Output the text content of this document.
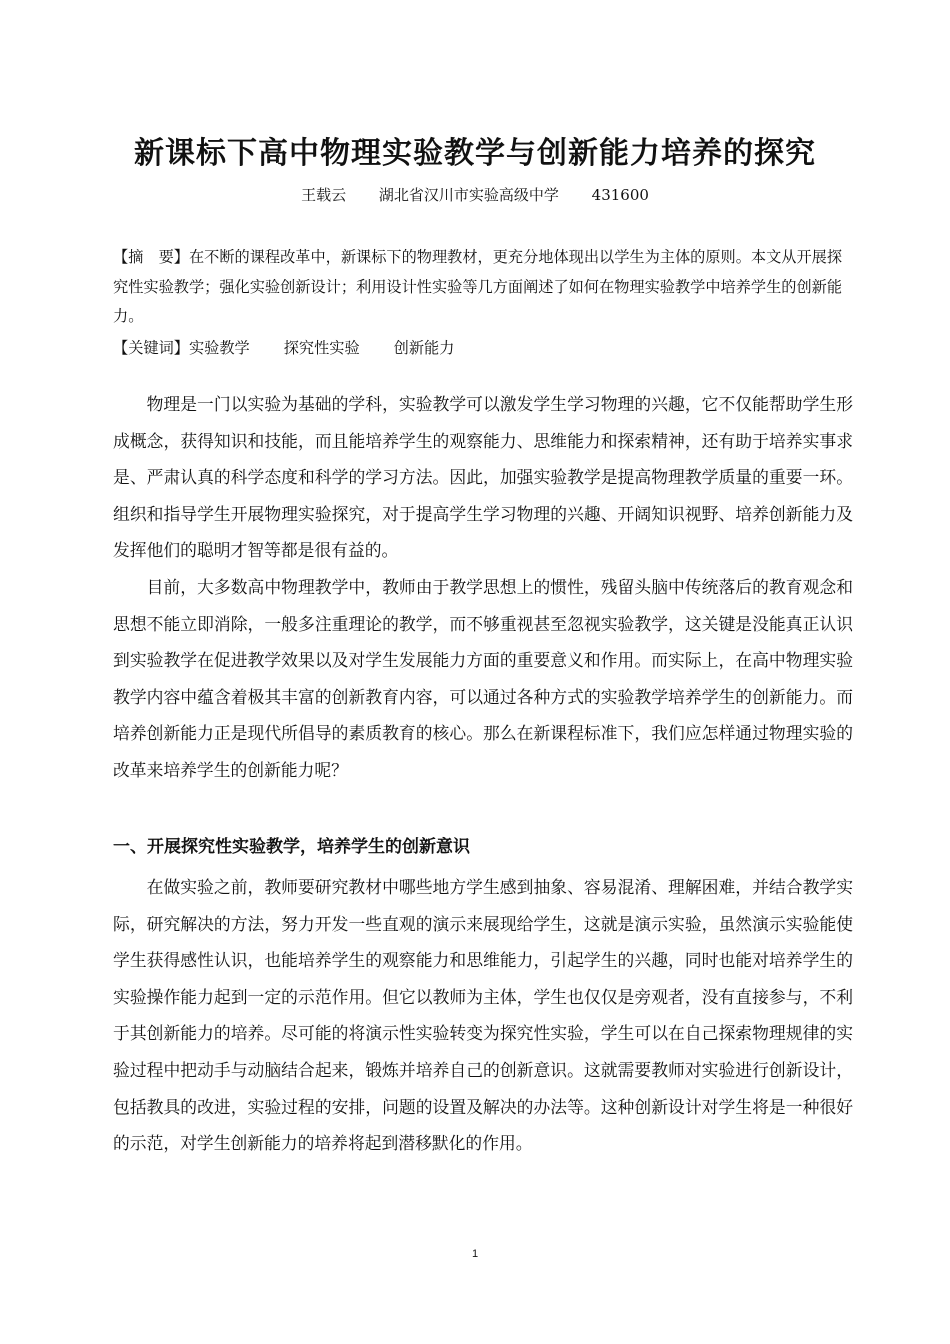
新课标下高中物理实验教学与创新能力培养的探究
王载云 湖北省汉川市实验高级中学 431600
【摘　要】在不断的课程改革中，新课标下的物理教材，更充分地体现出以学生为主体的原则。本文从开展探究性实验教学；强化实验创新设计；利用设计性实验等几方面阐述了如何在物理实验教学中培养学生的创新能力。
【关键词】实验教学 探究性实验 创新能力

物理是一门以实验为基础的学科，实验教学可以激发学生学习物理的兴趣，它不仅能帮助学生形成概念，获得知识和技能，而且能培养学生的观察能力、思维能力和探索精神，还有助于培养实事求是、严肃认真的科学态度和科学的学习方法。因此，加强实验教学是提高物理教学质量的重要一环。组织和指导学生开展物理实验探究，对于提高学生学习物理的兴趣、开阔知识视野、培养创新能力及发挥他们的聪明才智等都是很有益的。

目前，大多数高中物理教学中，教师由于教学思想上的惯性，残留头脑中传统落后的教育观念和思想不能立即消除，一般多注重理论的教学，而不够重视甚至忽视实验教学，这关键是没能真正认识到实验教学在促进教学效果以及对学生发展能力方面的重要意义和作用。而实际上，在高中物理实验教学内容中蕴含着极其丰富的创新教育内容，可以通过各种方式的实验教学培养学生的创新能力。而培养创新能力正是现代所倡导的素质教育的核心。那么在新课程标准下，我们应怎样通过物理实验的改革来培养学生的创新能力呢？

一、开展探究性实验教学，培养学生的创新意识

在做实验之前，教师要研究教材中哪些地方学生感到抽象、容易混淆、理解困难，并结合教学实际，研究解决的方法，努力开发一些直观的演示来展现给学生，这就是演示实验，虽然演示实验能使学生获得感性认识，也能培养学生的观察能力和思维能力，引起学生的兴趣，同时也能对培养学生的实验操作能力起到一定的示范作用。但它以教师为主体，学生也仅仅是旁观者，没有直接参与，不利于其创新能力的培养。尽可能的将演示性实验转变为探究性实验，学生可以在自己探索物理规律的实验过程中把动手与动脑结合起来，锻炼并培养自己的创新意识。这就需要教师对实验进行创新设计，包括教具的改进，实验过程的安排，问题的设置及解决的办法等。这种创新设计对学生将是一种很好的示范，对学生创新能力的培养将起到潜移默化的作用。

1
